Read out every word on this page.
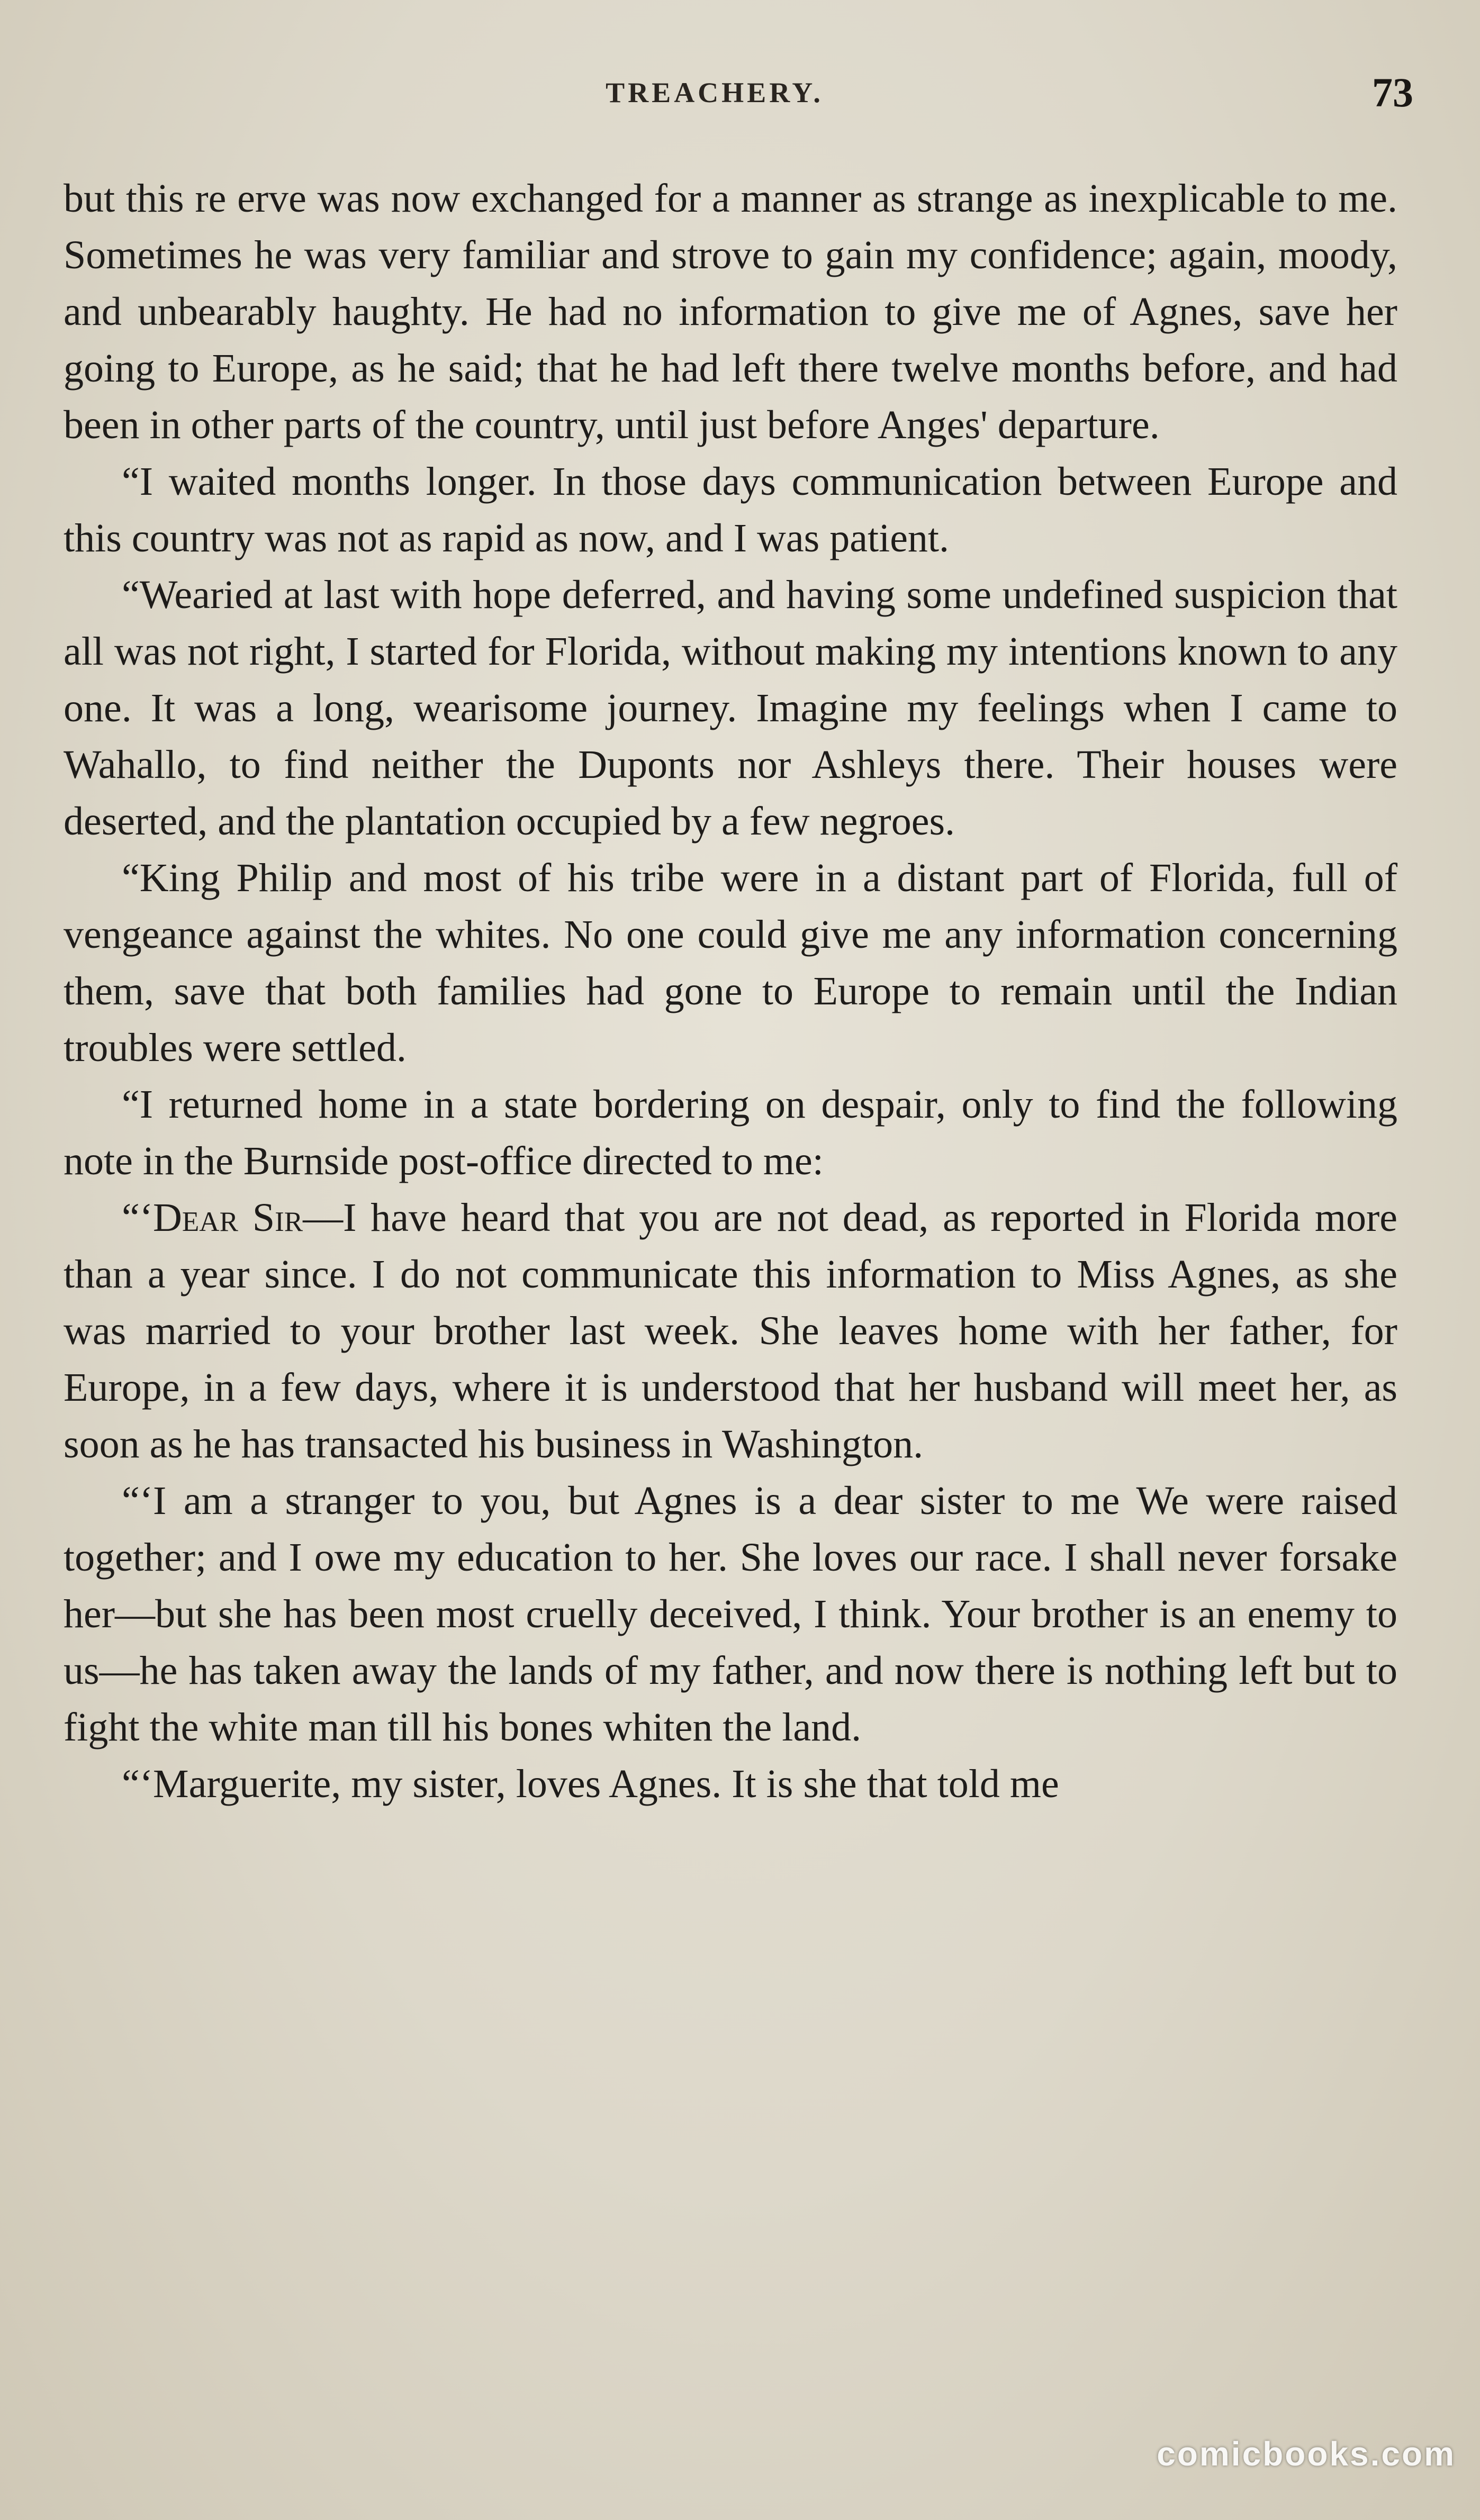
TREACHERY.	73

but this re erve was now exchanged for a manner as strange as inexplicable to me. Sometimes he was very familiar and strove to gain my confidence; again, moody, and unbearably haughty. He had no information to give me of Agnes, save her going to Europe, as he said; that he had left there twelve months before, and had been in other parts of the country, until just before Anges' departure.

“I waited months longer. In those days communication between Europe and this country was not as rapid as now, and I was patient.

“Wearied at last with hope deferred, and having some undefined suspicion that all was not right, I started for Florida, without making my intentions known to any one. It was a long, wearisome journey. Imagine my feelings when I came to Wahallo, to find neither the Duponts nor Ashleys there. Their houses were deserted, and the plantation occupied by a few negroes.

“King Philip and most of his tribe were in a distant part of Florida, full of vengeance against the whites. No one could give me any information concerning them, save that both families had gone to Europe to remain until the Indian troubles were settled.

“I returned home in a state bordering on despair, only to find the following note in the Burnside post-office directed to me:

“‘Dear Sir—I have heard that you are not dead, as reported in Florida more than a year since. I do not communicate this information to Miss Agnes, as she was married to your brother last week. She leaves home with her father, for Europe, in a few days, where it is understood that her husband will meet her, as soon as he has transacted his business in Washington.

“‘I am a stranger to you, but Agnes is a dear sister to me We were raised together; and I owe my education to her. She loves our race. I shall never forsake her—but she has been most cruelly deceived, I think. Your brother is an enemy to us—he has taken away the lands of my father, and now there is nothing left but to fight the white man till his bones whiten the land.

“‘Marguerite, my sister, loves Agnes. It is she that told me

comicbooks.com
